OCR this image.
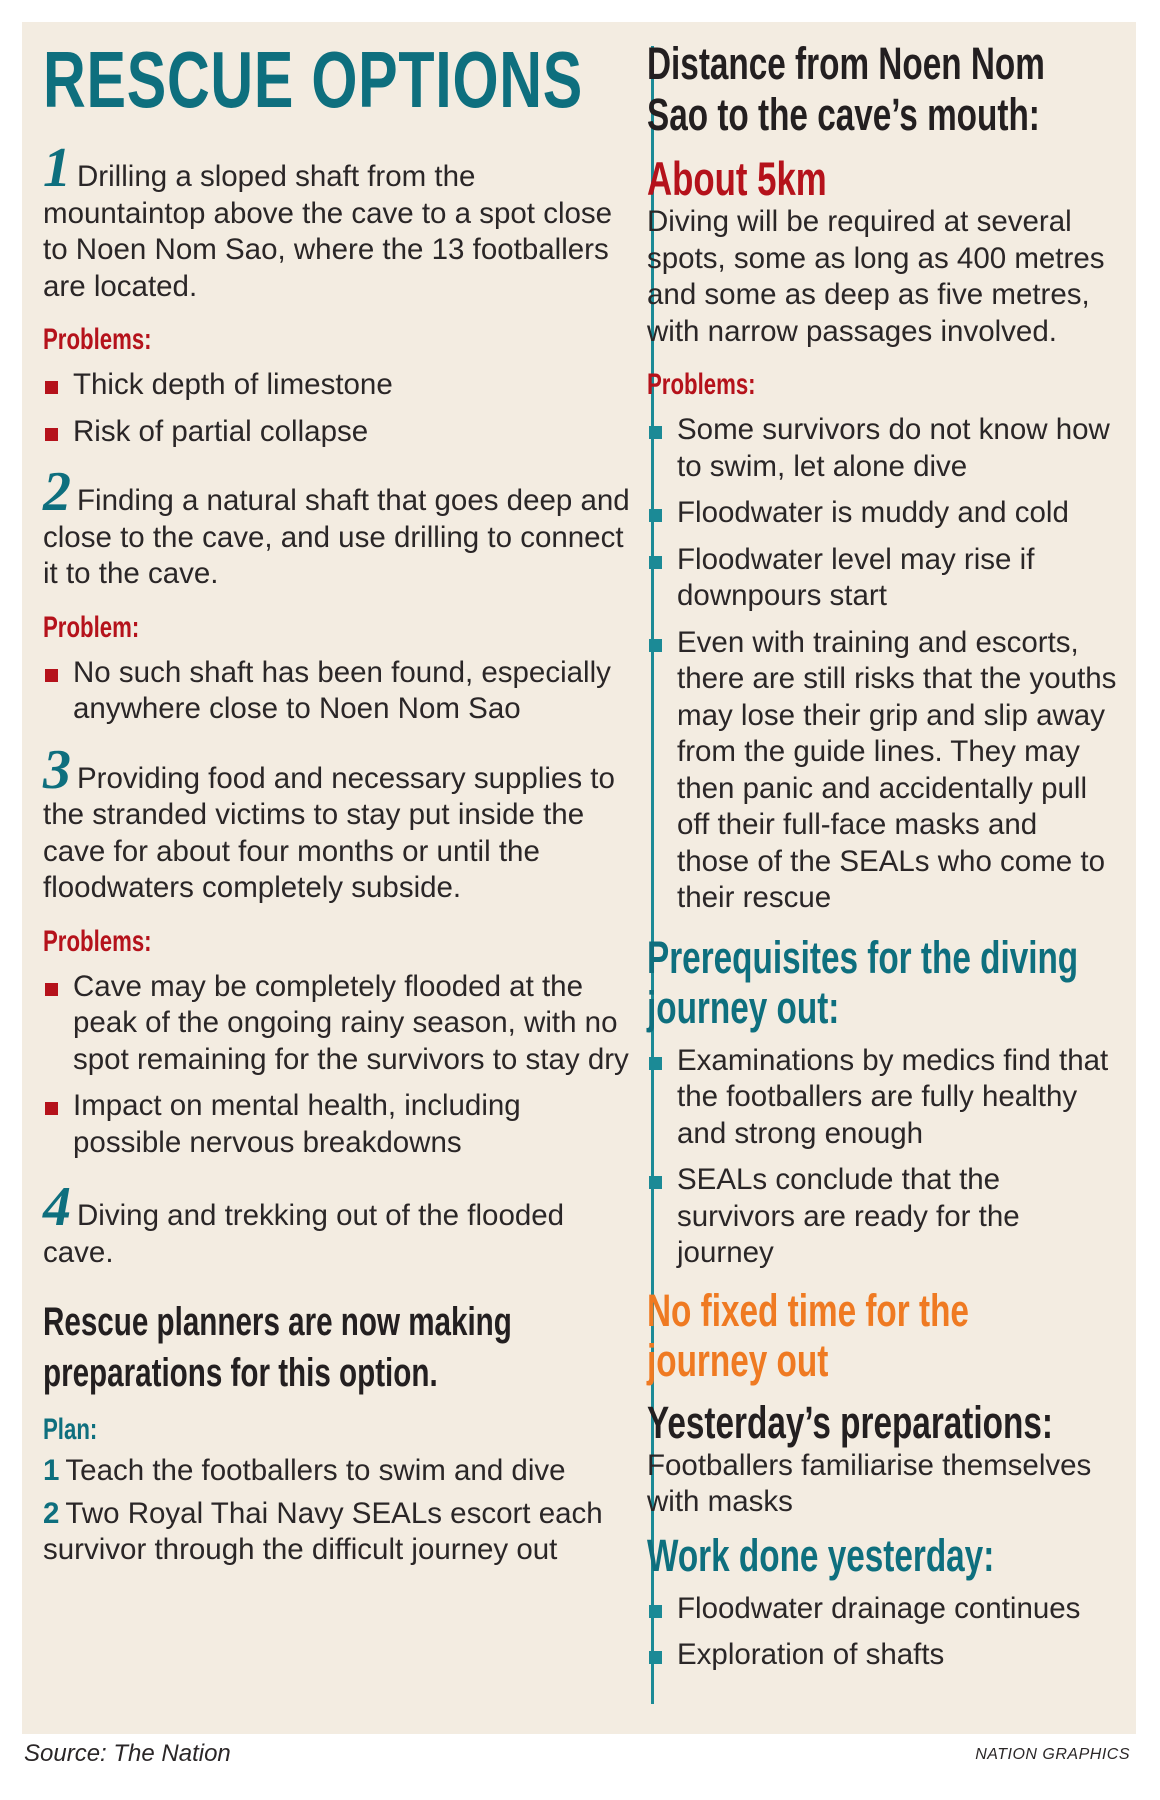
RESCUE OPTIONS

1 Drilling a sloped shaft from the mountaintop above the cave to a spot close to Noen Nom Sao, where the 13 footballers are located.

Problems:
Thick depth of limestone
Risk of partial collapse

2 Finding a natural shaft that goes deep and close to the cave, and use drilling to connect it to the cave.

Problem:
No such shaft has been found, especially anywhere close to Noen Nom Sao

3 Providing food and necessary supplies to the stranded victims to stay put inside the cave for about four months or until the floodwaters completely subside.

Problems:
Cave may be completely flooded at the peak of the ongoing rainy season, with no spot remaining for the survivors to stay dry
Impact on mental health, including possible nervous breakdowns

4 Diving and trekking out of the flooded cave.

Rescue planners are now making
preparations for this option.
Plan:
1 Teach the footballers to swim and dive
2 Two Royal Thai Navy SEALs escort each survivor through the difficult journey out
Distance from Noen Nom
Sao to the cave’s mouth:
About 5km

Diving will be required at several spots, some as long as 400 metres and some as deep as five metres, with narrow passages involved.

Problems:
Some survivors do not know how to swim, let alone dive
Floodwater is muddy and cold
Floodwater level may rise if downpours start
Even with training and escorts, there are still risks that the youths may lose their grip and slip away from the guide lines. They may then panic and accidentally pull off their full-face masks and those of the SEALs who come to their rescue
Prerequisites for the diving
journey out:
Examinations by medics find that the footballers are fully healthy and strong enough
SEALs conclude that the survivors are ready for the journey
No fixed time for the
journey out
Yesterday’s preparations:

Footballers familiarise themselves with masks

Work done yesterday:
Floodwater drainage continues
Exploration of shafts
Source: The Nation	NATION GRAPHICS
